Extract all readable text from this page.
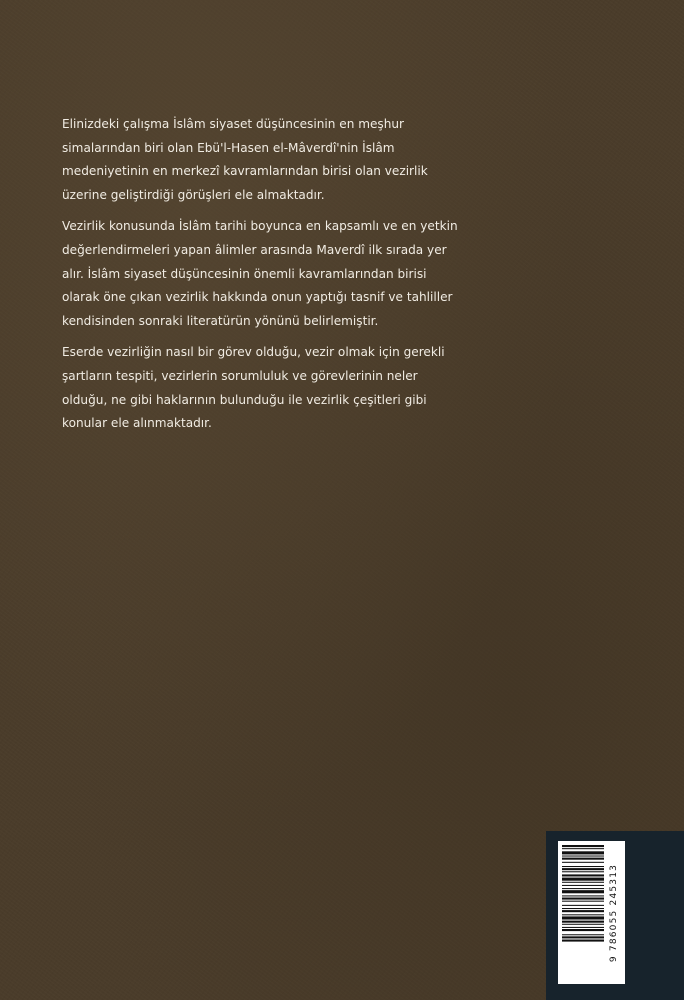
Elinizdeki çalışma İslâm siyaset düşüncesinin en meşhur simalarından biri olan Ebü'l-Hasen el-Mâverdî'nin İslâm medeniyetinin en merkezî kavramlarından birisi olan vezirlik üzerine geliştirdiği görüşleri ele almaktadır.

Vezirlik konusunda İslâm tarihi boyunca en kapsamlı ve en yetkin değerlendirmeleri yapan âlimler arasında Maverdî ilk sırada yer alır. İslâm siyaset düşüncesinin önemli kavramlarından birisi olarak öne çıkan vezirlik hakkında onun yaptığı tasnif ve tahliller kendisinden sonraki literatürün yönünü belirlemiştir.

Eserde vezirliğin nasıl bir görev olduğu, vezir olmak için gerekli şartların tespiti, vezirlerin sorumluluk ve görevlerinin neler olduğu, ne gibi haklarının bulunduğu ile vezirlik çeşitleri gibi konular ele alınmaktadır.

9 786055 245313
